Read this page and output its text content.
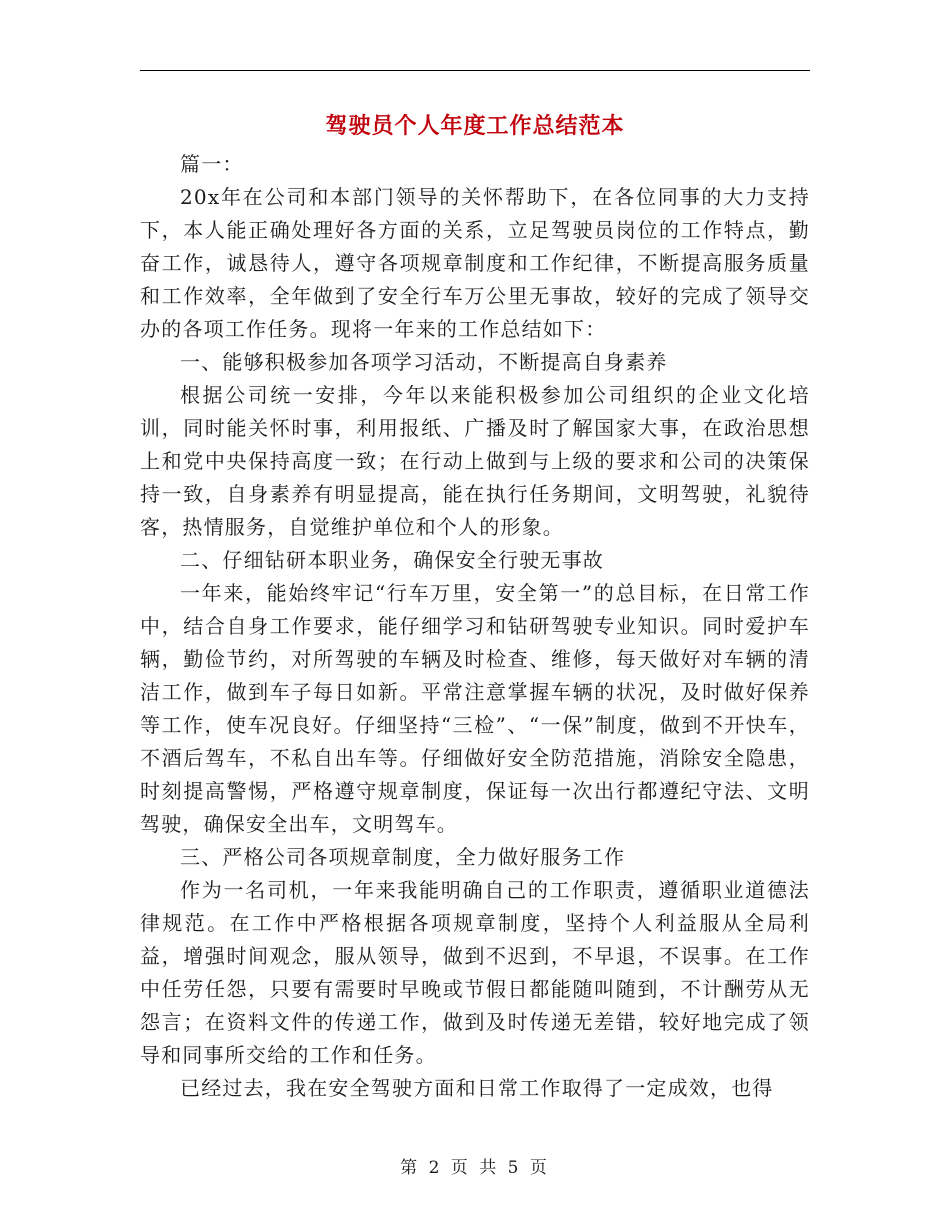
驾驶员个人年度工作总结范本

篇一：

20x年在公司和本部门领导的关怀帮助下，在各位同事的大力支持下，本人能正确处理好各方面的关系，立足驾驶员岗位的工作特点，勤奋工作，诚恳待人，遵守各项规章制度和工作纪律，不断提高服务质量和工作效率，全年做到了安全行车万公里无事故，较好的完成了领导交办的各项工作任务。现将一年来的工作总结如下：

一、能够积极参加各项学习活动，不断提高自身素养

根据公司统一安排，今年以来能积极参加公司组织的企业文化培训，同时能关怀时事，利用报纸、广播及时了解国家大事，在政治思想上和党中央保持高度一致；在行动上做到与上级的要求和公司的决策保持一致，自身素养有明显提高，能在执行任务期间，文明驾驶，礼貌待客，热情服务，自觉维护单位和个人的形象。

二、仔细钻研本职业务，确保安全行驶无事故

一年来，能始终牢记“行车万里，安全第一”的总目标，在日常工作中，结合自身工作要求，能仔细学习和钻研驾驶专业知识。同时爱护车辆，勤俭节约，对所驾驶的车辆及时检查、维修，每天做好对车辆的清洁工作，做到车子每日如新。平常注意掌握车辆的状况，及时做好保养等工作，使车况良好。仔细坚持“三检”、“一保”制度，做到不开快车，不酒后驾车，不私自出车等。仔细做好安全防范措施，消除安全隐患，时刻提高警惕，严格遵守规章制度，保证每一次出行都遵纪守法、文明驾驶，确保安全出车，文明驾车。

三、严格公司各项规章制度，全力做好服务工作

作为一名司机，一年来我能明确自己的工作职责，遵循职业道德法律规范。在工作中严格根据各项规章制度，坚持个人利益服从全局利益，增强时间观念，服从领导，做到不迟到，不早退，不误事。在工作中任劳任怨，只要有需要时早晚或节假日都能随叫随到，不计酬劳从无怨言；在资料文件的传递工作，做到及时传递无差错，较好地完成了领导和同事所交给的工作和任务。

已经过去，我在安全驾驶方面和日常工作取得了一定成效，也得

第 2 页 共 5 页
